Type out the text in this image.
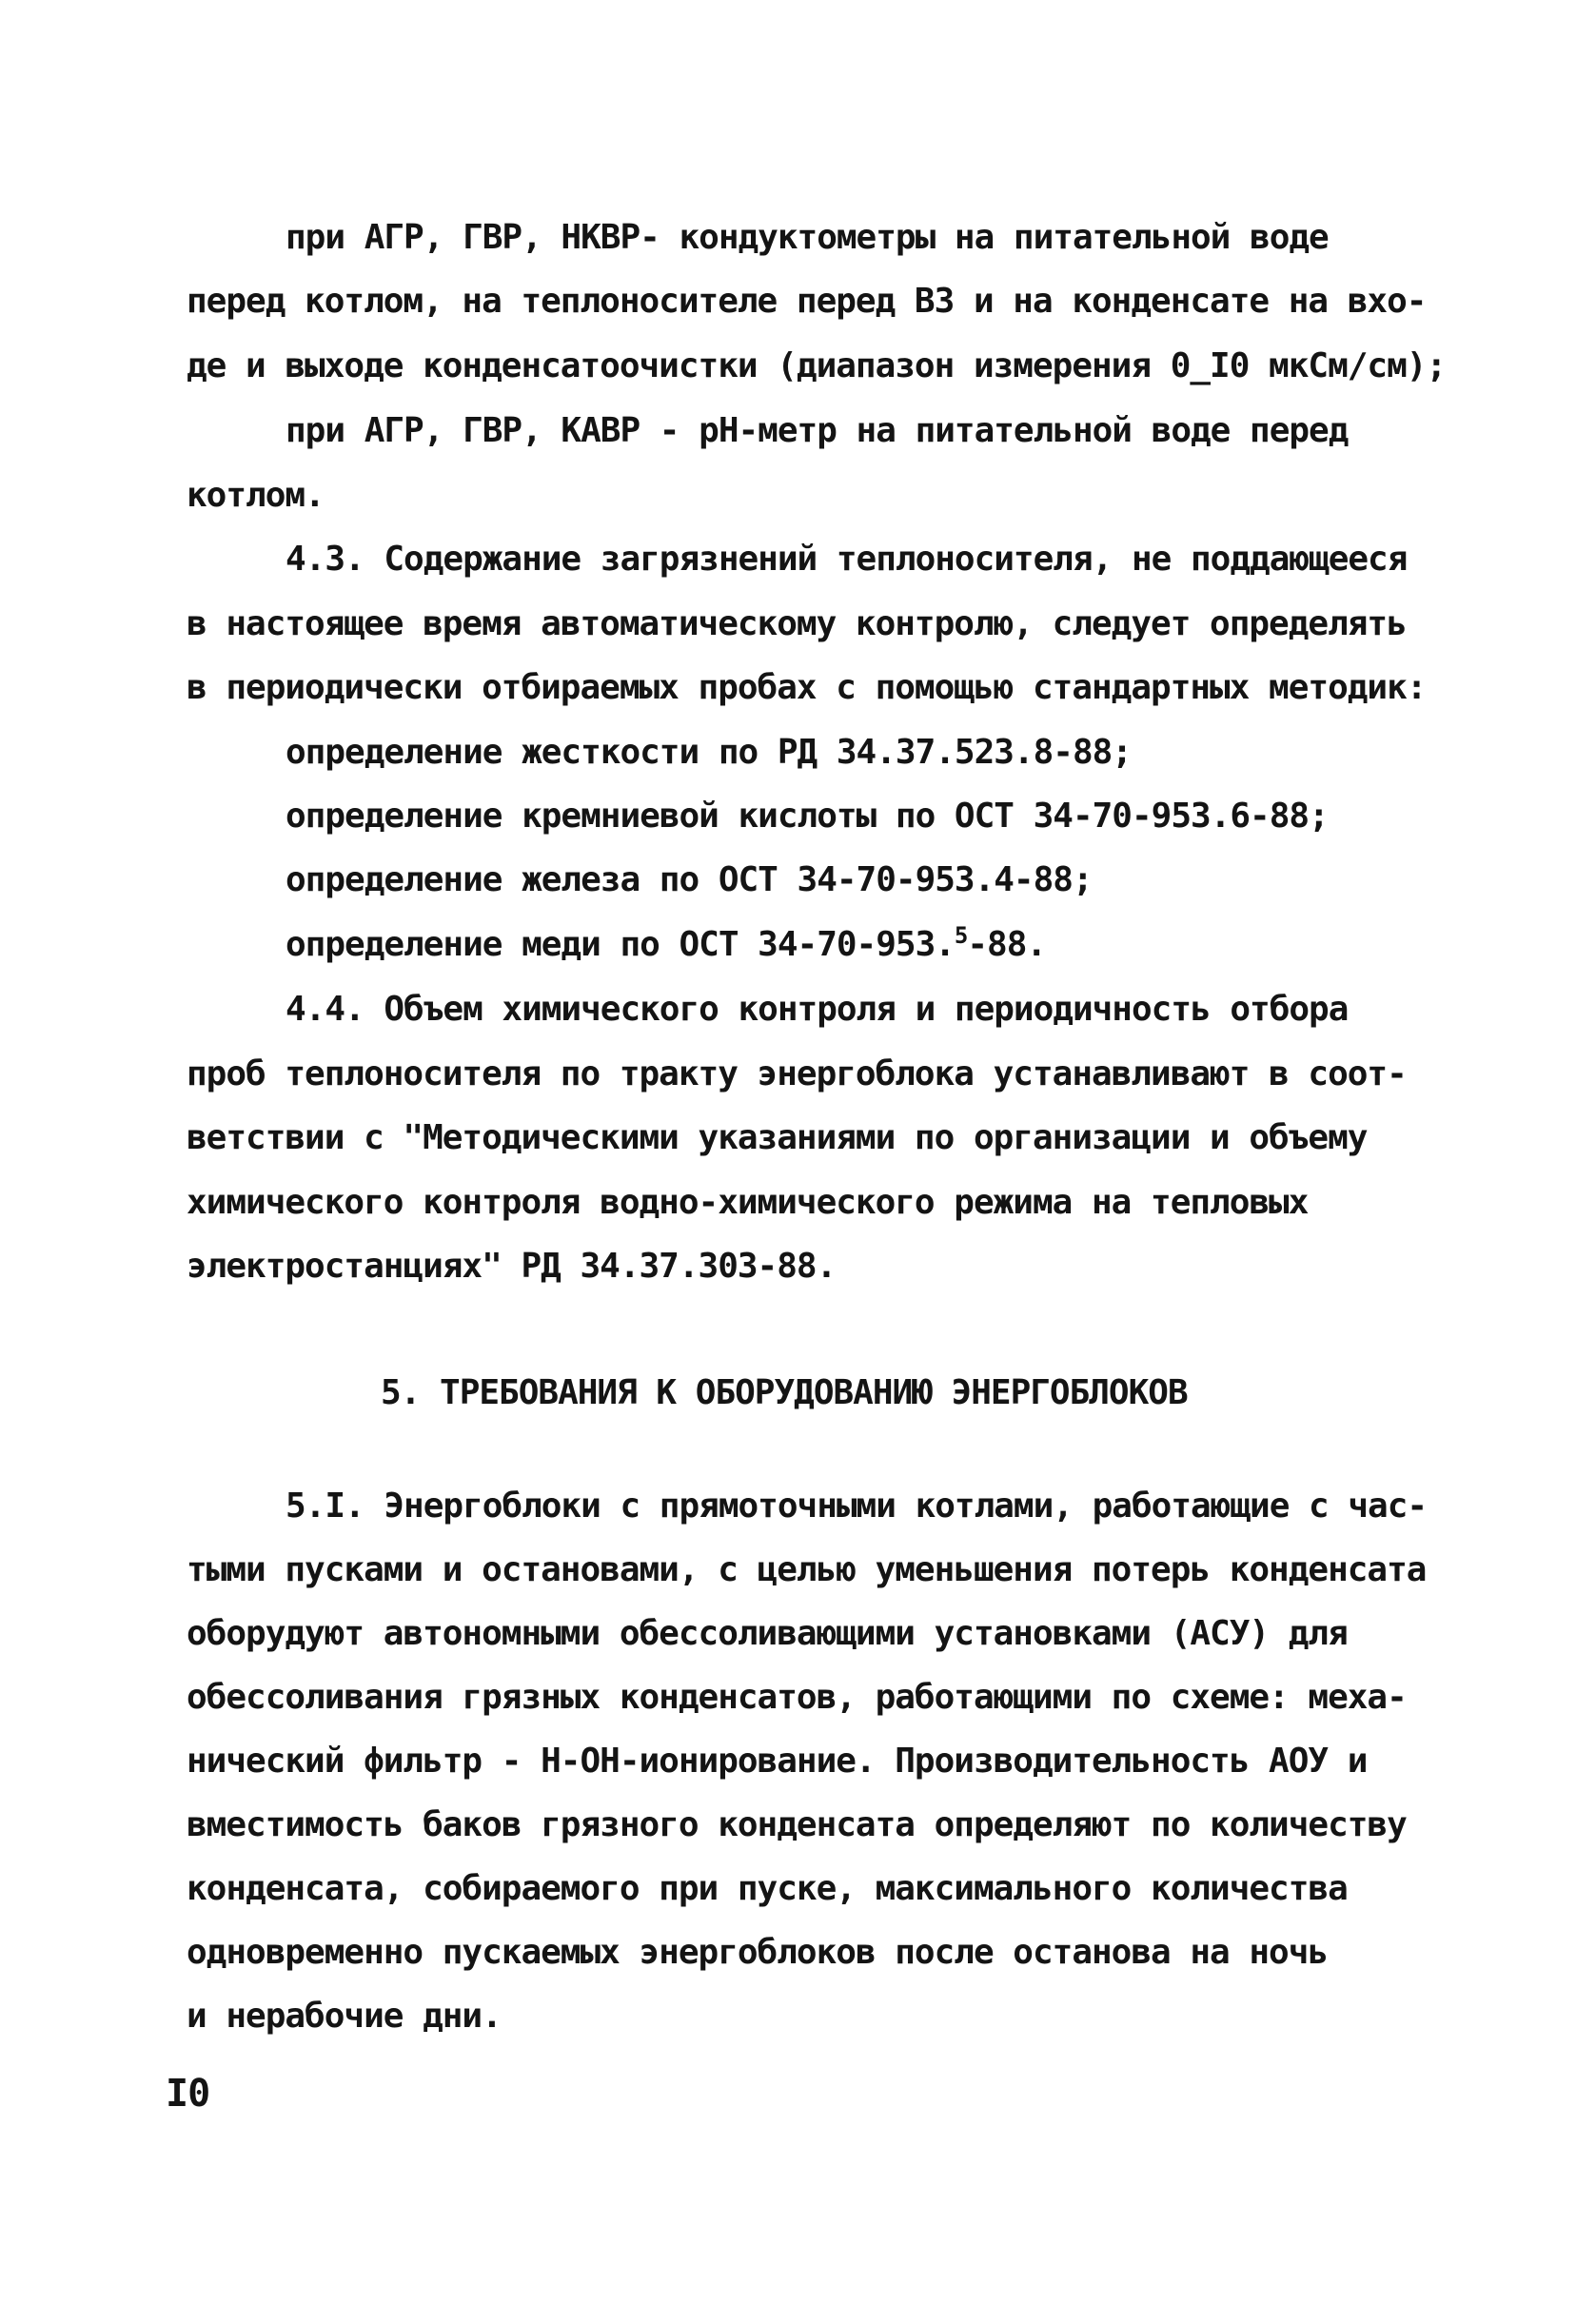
при АГР, ГВР, НКВР- кондуктометры на питательной воде
перед котлом, на теплоносителе перед ВЗ и на конденсате на вхо-
де и выходе конденсатоочистки (диапазон измерения 0_I0 мкСм/см);
при АГР, ГВР, КАВР - рН-метр на питательной воде перед
котлом.
4.3. Содержание загрязнений теплоносителя, не поддающееся
в настоящее время автоматическому контролю, следует определять
в периодически отбираемых пробах с помощью стандартных методик:
определение жесткости по РД 34.37.523.8-88;
определение кремниевой кислоты по ОСТ 34-70-953.6-88;
определение железа по ОСТ 34-70-953.4-88;
определение меди по ОСТ 34-70-953.$^5$-88.
4.4. Объем химического контроля и периодичность отбора
проб теплоносителя по тракту энергоблока устанавливают в соот-
ветствии с "Методическими указаниями по организации и объему
химического контроля водно-химического режима на тепловых
электростанциях" РД 34.37.303-88.
5. ТРЕБОВАНИЯ К ОБОРУДОВАНИЮ ЭНЕРГОБЛОКОВ
5.I. Энергоблоки с прямоточными котлами, работающие с час-
тыми пусками и остановами, с целью уменьшения потерь конденсата
оборудуют автономными обессоливающими установками (АСУ) для
обессоливания грязных конденсатов, работающими по схеме: меха-
нический фильтр - Н-ОН-ионирование. Производительность АОУ и
вместимость баков грязного конденсата определяют по количеству
конденсата, собираемого при пуске, максимального количества
одновременно пускаемых энергоблоков после останова на ночь
и нерабочие дни.
I0
